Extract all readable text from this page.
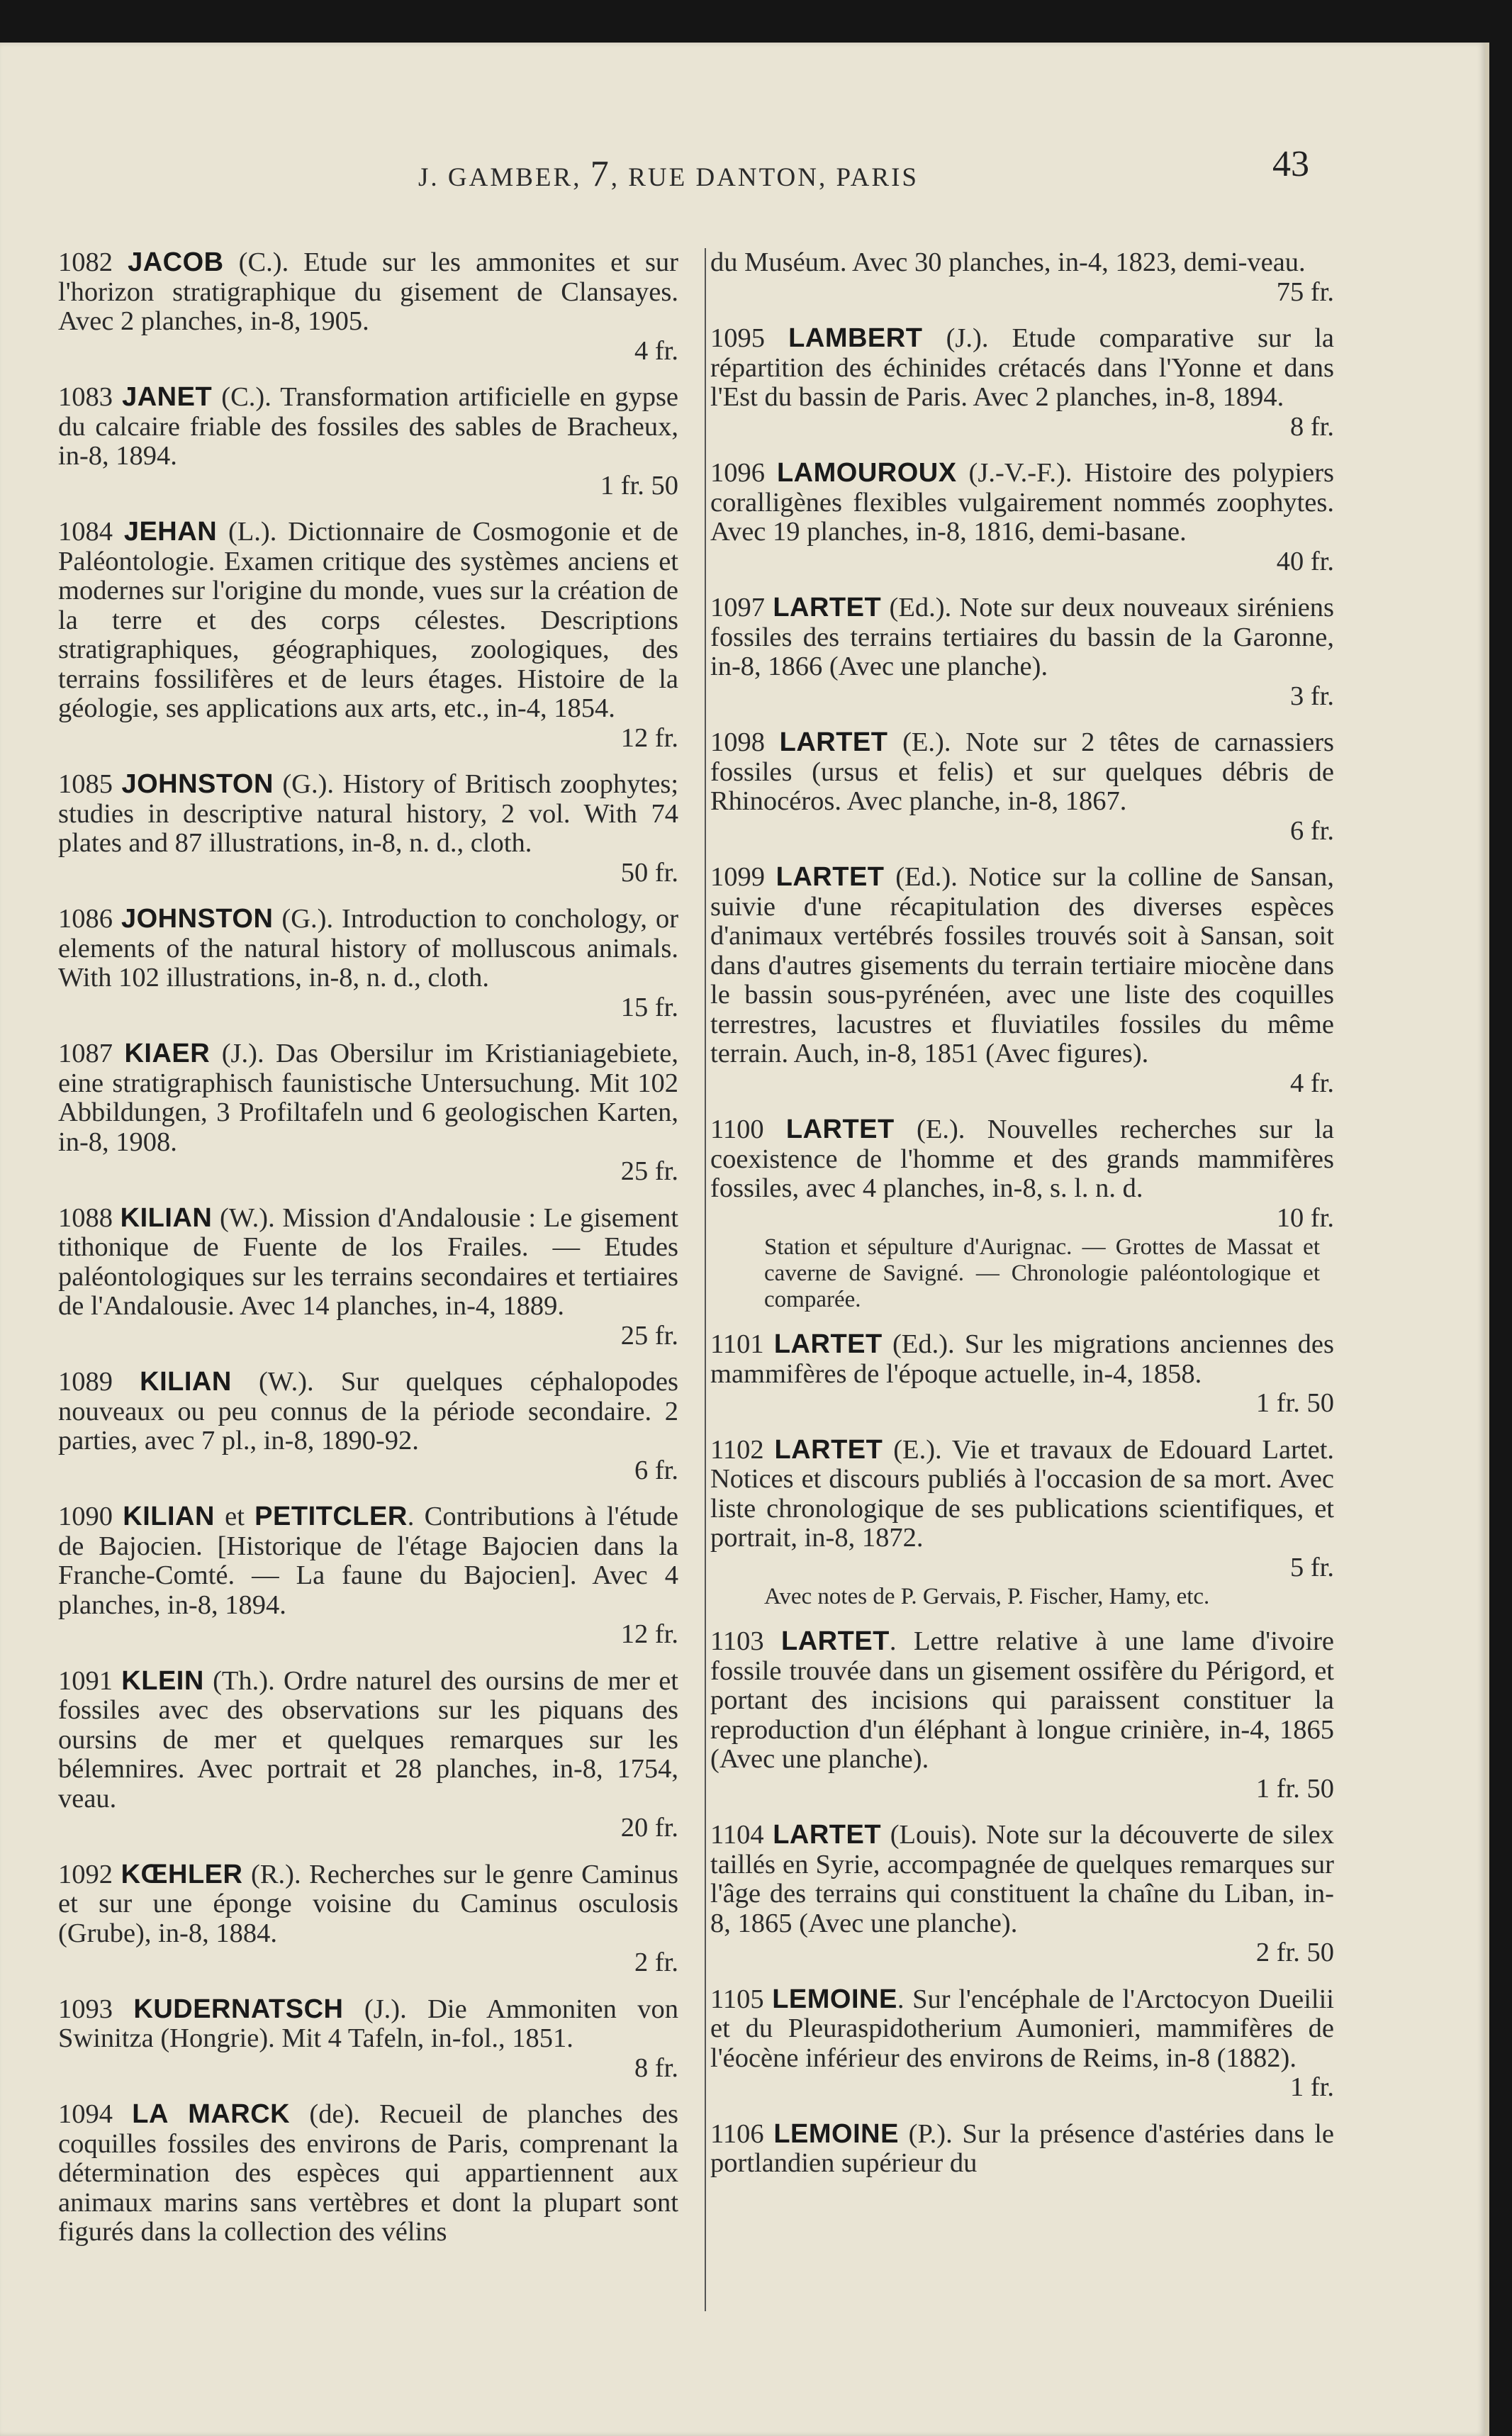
J. GAMBER, 7, RUE DANTON, PARIS	43
1082 JACOB (C.). Etude sur les ammonites et sur l'horizon stratigraphique du gisement de Clansayes. Avec 2 planches, in-8, 1905.
4 fr.
1083 JANET (C.). Transformation artificielle en gypse du calcaire friable des fossiles des sables de Bracheux, in-8, 1894.
1 fr. 50
1084 JEHAN (L.). Dictionnaire de Cosmogonie et de Paléontologie. Examen critique des systèmes anciens et modernes sur l'origine du monde, vues sur la création de la terre et des corps célestes. Descriptions stratigraphiques, géographiques, zoologiques, des terrains fossilifères et de leurs étages. Histoire de la géologie, ses applications aux arts, etc., in-4, 1854.
12 fr.
1085 JOHNSTON (G.). History of Britisch zoophytes; studies in descriptive natural history, 2 vol. With 74 plates and 87 illustrations, in-8, n. d., cloth.
50 fr.
1086 JOHNSTON (G.). Introduction to conchology, or elements of the natural history of molluscous animals. With 102 illustrations, in-8, n. d., cloth.
15 fr.
1087 KIAER (J.). Das Obersilur im Kristianiagebiete, eine stratigraphisch faunistische Untersuchung. Mit 102 Abbildungen, 3 Profiltafeln und 6 geologischen Karten, in-8, 1908.
25 fr.
1088 KILIAN (W.). Mission d'Andalousie : Le gisement tithonique de Fuente de los Frailes. — Etudes paléontologiques sur les terrains secondaires et tertiaires de l'Andalousie. Avec 14 planches, in-4, 1889.
25 fr.
1089 KILIAN (W.). Sur quelques céphalopodes nouveaux ou peu connus de la période secondaire. 2 parties, avec 7 pl., in-8, 1890-92.
6 fr.
1090 KILIAN et PETITCLER. Contributions à l'étude de Bajocien. [Historique de l'étage Bajocien dans la Franche-Comté. — La faune du Bajocien]. Avec 4 planches, in-8, 1894.
12 fr.
1091 KLEIN (Th.). Ordre naturel des oursins de mer et fossiles avec des observations sur les piquans des oursins de mer et quelques remarques sur les bélemnires. Avec portrait et 28 planches, in-8, 1754, veau.
20 fr.
1092 KŒHLER (R.). Recherches sur le genre Caminus et sur une éponge voisine du Caminus osculosis (Grube), in-8, 1884.
2 fr.
1093 KUDERNATSCH (J.). Die Ammoniten von Swinitza (Hongrie). Mit 4 Tafeln, in-fol., 1851.
8 fr.
1094 LA MARCK (de). Recueil de planches des coquilles fossiles des environs de Paris, comprenant la détermination des espèces qui appartiennent aux animaux marins sans vertèbres et dont la plupart sont figurés dans la collection des vélins
du Muséum. Avec 30 planches, in-4, 1823, demi-veau.
75 fr.
1095 LAMBERT (J.). Etude comparative sur la répartition des échinides crétacés dans l'Yonne et dans l'Est du bassin de Paris. Avec 2 planches, in-8, 1894.
8 fr.
1096 LAMOUROUX (J.-V.-F.). Histoire des polypiers coralligènes flexibles vulgairement nommés zoophytes. Avec 19 planches, in-8, 1816, demi-basane.
40 fr.
1097 LARTET (Ed.). Note sur deux nouveaux siréniens fossiles des terrains tertiaires du bassin de la Garonne, in-8, 1866 (Avec une planche).
3 fr.
1098 LARTET (E.). Note sur 2 têtes de carnassiers fossiles (ursus et felis) et sur quelques débris de Rhinocéros. Avec planche, in-8, 1867.
6 fr.
1099 LARTET (Ed.). Notice sur la colline de Sansan, suivie d'une récapitulation des diverses espèces d'animaux vertébrés fossiles trouvés soit à Sansan, soit dans d'autres gisements du terrain tertiaire miocène dans le bassin sous-pyrénéen, avec une liste des coquilles terrestres, lacustres et fluviatiles fossiles du même terrain. Auch, in-8, 1851 (Avec figures).
4 fr.
1100 LARTET (E.). Nouvelles recherches sur la coexistence de l'homme et des grands mammifères fossiles, avec 4 planches, in-8, s. l. n. d.
10 fr.
Station et sépulture d'Aurignac. — Grottes de Massat et caverne de Savigné. — Chronologie paléontologique et comparée.
1101 LARTET (Ed.). Sur les migrations anciennes des mammifères de l'époque actuelle, in-4, 1858.
1 fr. 50
1102 LARTET (E.). Vie et travaux de Edouard Lartet. Notices et discours publiés à l'occasion de sa mort. Avec liste chronologique de ses publications scientifiques, et portrait, in-8, 1872.
5 fr.
Avec notes de P. Gervais, P. Fischer, Hamy, etc.
1103 LARTET. Lettre relative à une lame d'ivoire fossile trouvée dans un gisement ossifère du Périgord, et portant des incisions qui paraissent constituer la reproduction d'un éléphant à longue crinière, in-4, 1865 (Avec une planche).
1 fr. 50
1104 LARTET (Louis). Note sur la découverte de silex taillés en Syrie, accompagnée de quelques remarques sur l'âge des terrains qui constituent la chaîne du Liban, in-8, 1865 (Avec une planche).
2 fr. 50
1105 LEMOINE. Sur l'encéphale de l'Arctocyon Dueilii et du Pleuraspidotherium Aumonieri, mammifères de l'éocène inférieur des environs de Reims, in-8 (1882).
1 fr.
1106 LEMOINE (P.). Sur la présence d'astéries dans le portlandien supérieur du
